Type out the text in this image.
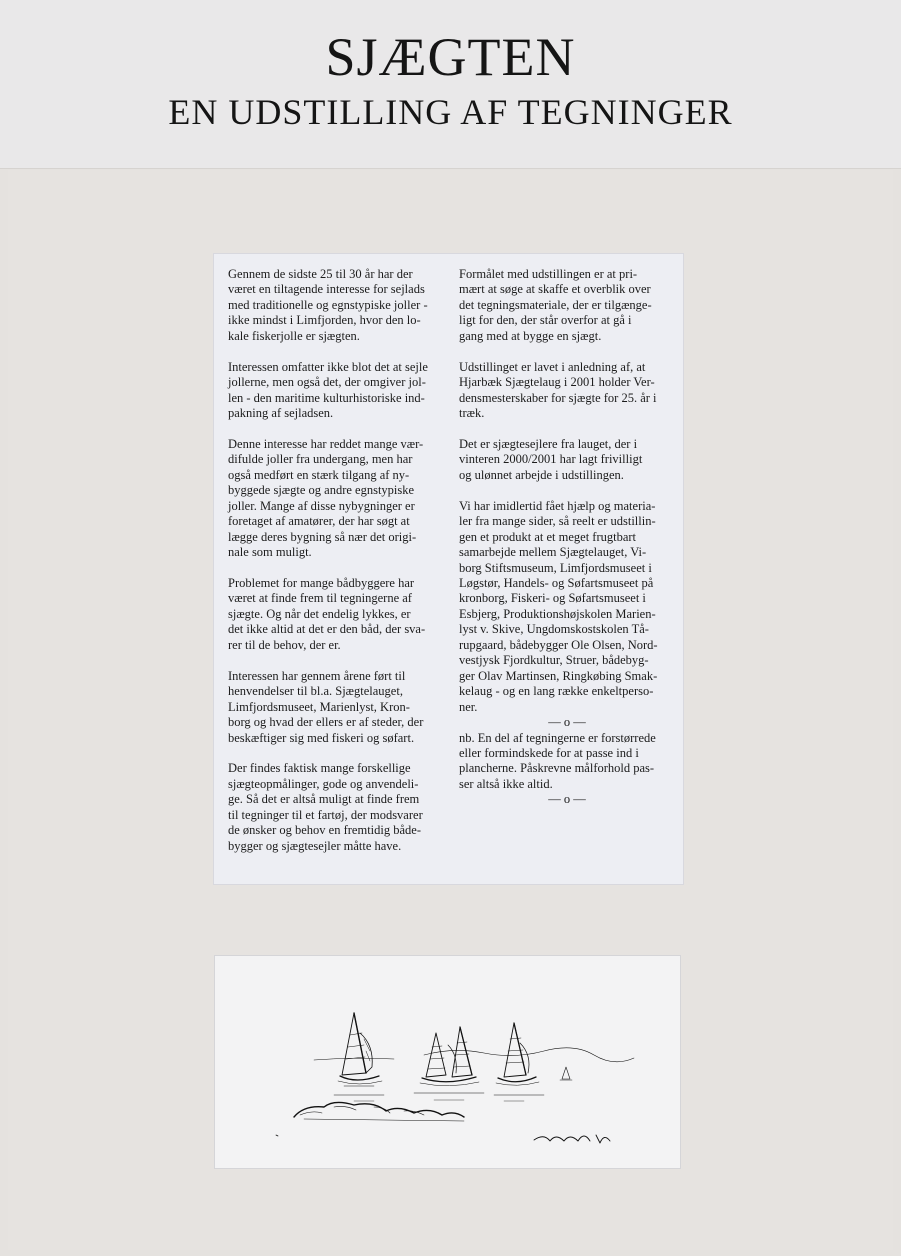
SJÆGTEN
EN UDSTILLING AF TEGNINGER

Gennem de sidste 25 til 30 år har der
været en tiltagende interesse for sejlads
med traditionelle og egnstypiske joller -
ikke mindst i Limfjorden, hvor den lo-
kale fiskerjolle er sjægten.

Interessen omfatter ikke blot det at sejle
jollerne, men også det, der omgiver jol-
len - den maritime kulturhistoriske ind-
pakning af sejladsen.

Denne interesse har reddet mange vær-
difulde joller fra undergang, men har
også medført en stærk tilgang af ny-
byggede sjægte og andre egnstypiske
joller. Mange af disse nybygninger er
foretaget af amatører, der har søgt at
lægge deres bygning så nær det origi-
nale som muligt.

Problemet for mange bådbyggere har
været at finde frem til tegningerne af
sjægte. Og når det endelig lykkes, er
det ikke altid at det er den båd, der sva-
rer til de behov, der er.

Interessen har gennem årene ført til
henvendelser til bl.a. Sjægtelauget,
Limfjordsmuseet, Marienlyst, Kron-
borg og hvad der ellers er af steder, der
beskæftiger sig med fiskeri og søfart.

Der findes faktisk mange forskellige
sjægteopmålinger, gode og anvendeli-
ge. Så det er altså muligt at finde frem
til tegninger til et fartøj, der modsvarer
de ønsker og behov en fremtidig både-
bygger og sjægtesejler måtte have.

Formålet med udstillingen er at pri-
mært at søge at skaffe et overblik over
det tegningsmateriale, der er tilgænge-
ligt for den, der står overfor at gå i
gang med at bygge en sjægt.

Udstillinget er lavet i anledning af, at
Hjarbæk Sjægtelaug i 2001 holder Ver-
densmesterskaber for sjægte for 25. år i
træk.

Det er sjægtesejlere fra lauget, der i
vinteren 2000/2001 har lagt frivilligt
og ulønnet arbejde i udstillingen.

Vi har imidlertid fået hjælp og materia-
ler fra mange sider, så reelt er udstillin-
gen et produkt at et meget frugtbart
samarbejde mellem Sjægtelauget, Vi-
borg Stiftsmuseum, Limfjordsmuseet i
Løgstør, Handels- og Søfartsmuseet på
kronborg, Fiskeri- og Søfartsmuseet i
Esbjerg, Produktionshøjskolen Marien-
lyst v. Skive, Ungdomskostskolen Tå-
rupgaard, bådebygger Ole Olsen, Nord-
vestjysk Fjordkultur, Struer, bådebyg-
ger Olav Martinsen, Ringkøbing Smak-
kelaug - og en lang række enkeltperso-
ner.

— o —

nb. En del af tegningerne er forstørrede
eller formindskede for at passe ind i
plancherne. Påskrevne målforhold pas-
ser altså ikke altid.

— o —
